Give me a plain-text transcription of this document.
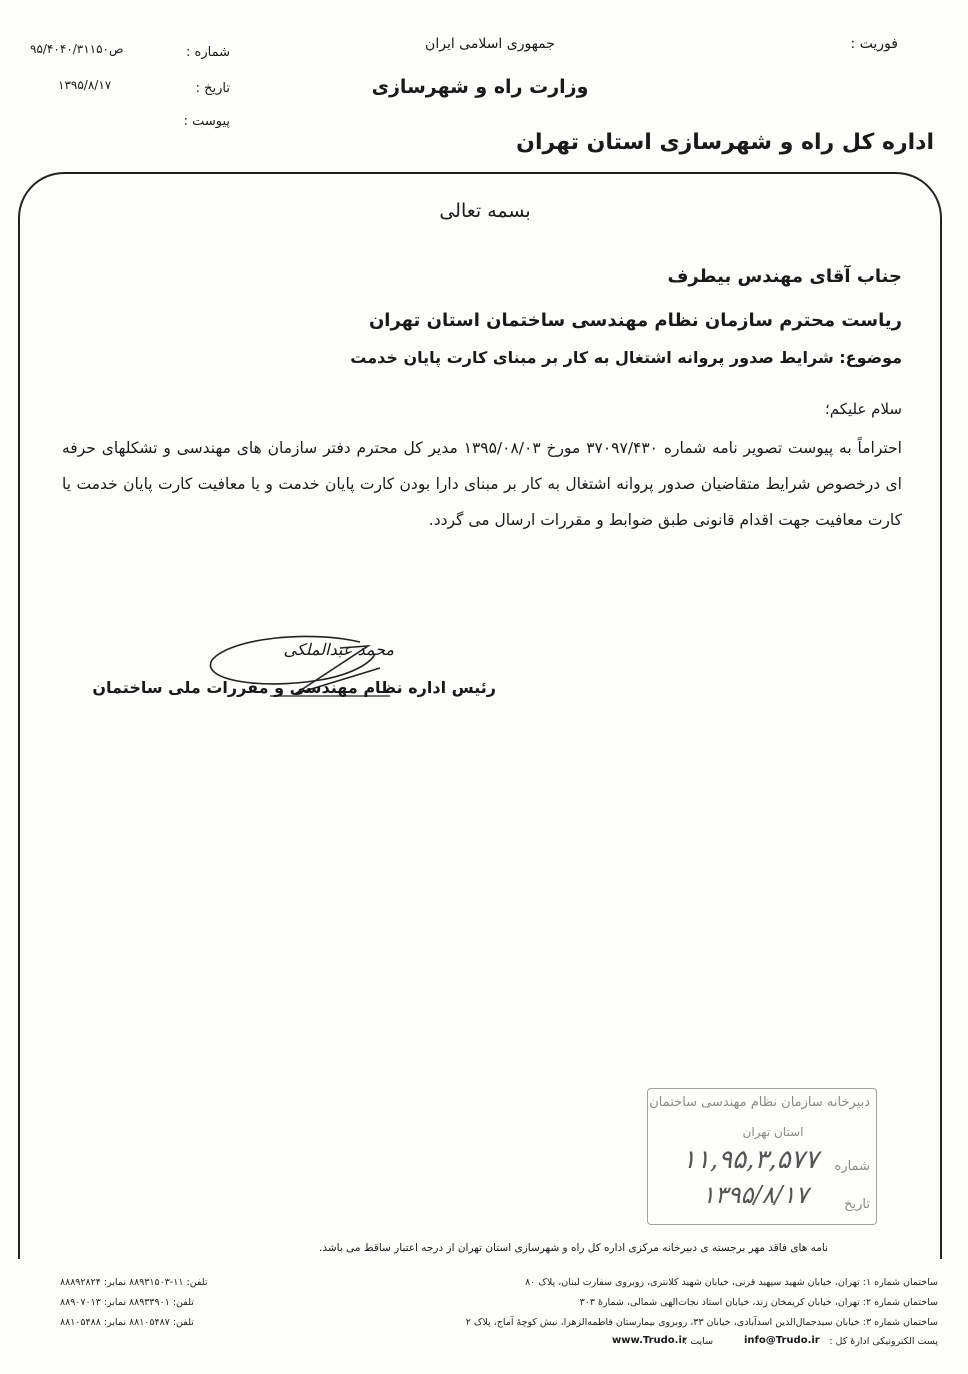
فوریت :
جمهوری اسلامی ایران
وزارت راه و شهرسازی
شماره :
۹۵/۴۰۴۰/۳۱۱۵۰ص
تاریخ :
۱۳۹۵/۸/۱۷
پیوست :
اداره کل راه و شهرسازی استان تهران
بسمه تعالی
جناب آقای مهندس بیطرف
ریاست محترم سازمان نظام مهندسی ساختمان استان تهران
موضوع: شرایط صدور پروانه اشتغال به کار بر مبنای کارت پایان خدمت
سلام علیکم؛
احتراماً به پیوست تصویر نامه شماره ۳۷۰۹۷/۴۳۰ مورخ ۱۳۹۵/۰۸/۰۳ مدیر کل محترم دفتر سازمان های مهندسی و تشکلهای حرفه ای درخصوص شرایط متقاضیان صدور پروانه اشتغال به کار بر مبنای دارا بودن کارت پایان خدمت و یا معافیت کارت پایان خدمت یا کارت معافیت جهت اقدام قانونی طبق ضوابط و مقررات ارسال می گردد.
محمد عبدالملکی
رئیس اداره نظام مهندسی و مقررات ملی ساختمان
دبیرخانه سازمان نظام مهندسی ساختمان
استان تهران
شماره
۱۱,۹۵,۳,۵۷۷
تاریخ
۱۳۹۵/۸/۱۷
نامه های فاقد مهر برجسته ی دبیرخانه مرکزی اداره کل راه و شهرسازی استان تهران از درجه اعتبار ساقط می باشد.
ساختمان شماره ۱: تهران، خیابان شهید سپهبد قرنی، خیابان شهید کلانتری، روبروی سفارت لبنان، پلاک ۸۰
ساختمان شماره ۲: تهران، خیابان کریمخان زند، خیابان استاد نجات‌الهی شمالی، شمارهٔ ۳۰۳
ساختمان شماره ۳: خیابان سیدجمال‌الدین اسدآبادی، خیابان ۳۳، روبروی بیمارستان فاطمه‌الزهرا، نبش کوچهٔ آماج، پلاک ۲
تلفن: ۱۱-۸۸۹۳۱۵۰۳ نمابر: ۸۸۸۹۲۸۲۴
تلفن: ۸۸۹۳۳۹۰۱ نمابر: ۸۸۹۰۷۰۱۳
تلفن: ۸۸۱۰۵۴۸۷ نمابر: ۸۸۱۰۵۴۸۸
پست الکترونیکی ادارهٔ کل :
info@Trudo.ir
سایت :
www.Trudo.ir
